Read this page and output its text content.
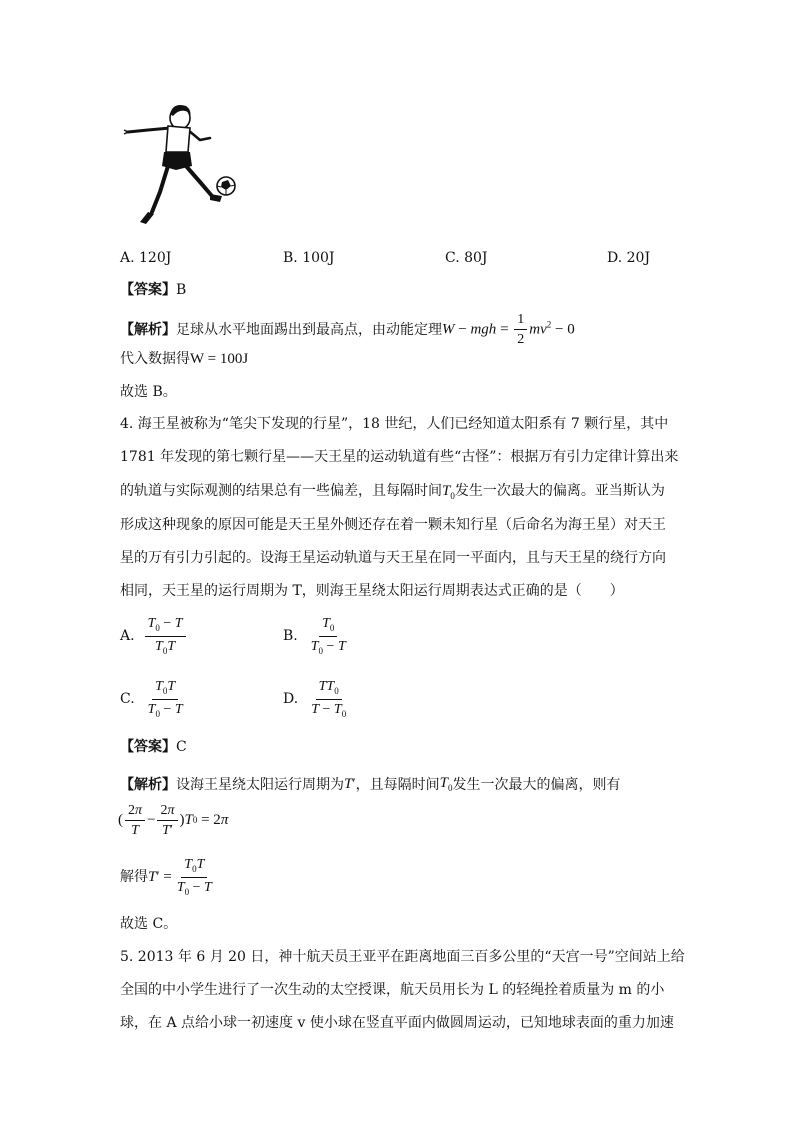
A. 120J	B. 100J	C. 80J	D. 20J
【答案】B
【解析】 足球从水平地面踢出到最高点，由动能定理 W − mgh = $\frac{1}{2} mv^2 - 0$
代入数据得W = 100J
故选 B。
4. 海王星被称为“笔尖下发现的行星”，18 世纪，人们已经知道太阳系有 7 颗行星，其中
1781 年发现的第七颗行星——天王星的运动轨道有些“古怪”：根据万有引力定律计算出来
的轨道与实际观测的结果总有一些偏差，且每隔时间$T_0$发生一次最大的偏离。亚当斯认为
形成这种现象的原因可能是天王星外侧还存在着一颗未知行星（后命名为海王星）对天王
星的万有引力引起的。设海王星运动轨道与天王星在同一平面内，且与天王星的绕行方向
相同，天王星的运行周期为 T，则海王星绕太阳运行周期表达式正确的是（　　）
A. $\frac{T_0 - T}{T_0T}$	B. $\frac{T_0}{T_0 - T}$
C. $\frac{T_0T}{T_0 - T}$	D. $\frac{TT_0}{T - T_0}$
【答案】C
【解析】 设海王星绕太阳运行周期为 T′ ，且每隔时间 $T_0$ 发生一次最大的偏离，则有
( $\frac{2\pi}{T} - \frac{2\pi}{T'}$ ) T 0 = 2 π
解得 $T' = \frac{T_0T}{T_0 - T}$
故选 C。
5. 2013 年 6 月 20 日，神十航天员王亚平在距离地面三百多公里的“天宫一号”空间站上给
全国的中小学生进行了一次生动的太空授课，航天员用长为 L 的轻绳拴着质量为 m 的小
球，在 A 点给小球一初速度 v 使小球在竖直平面内做圆周运动，已知地球表面的重力加速
